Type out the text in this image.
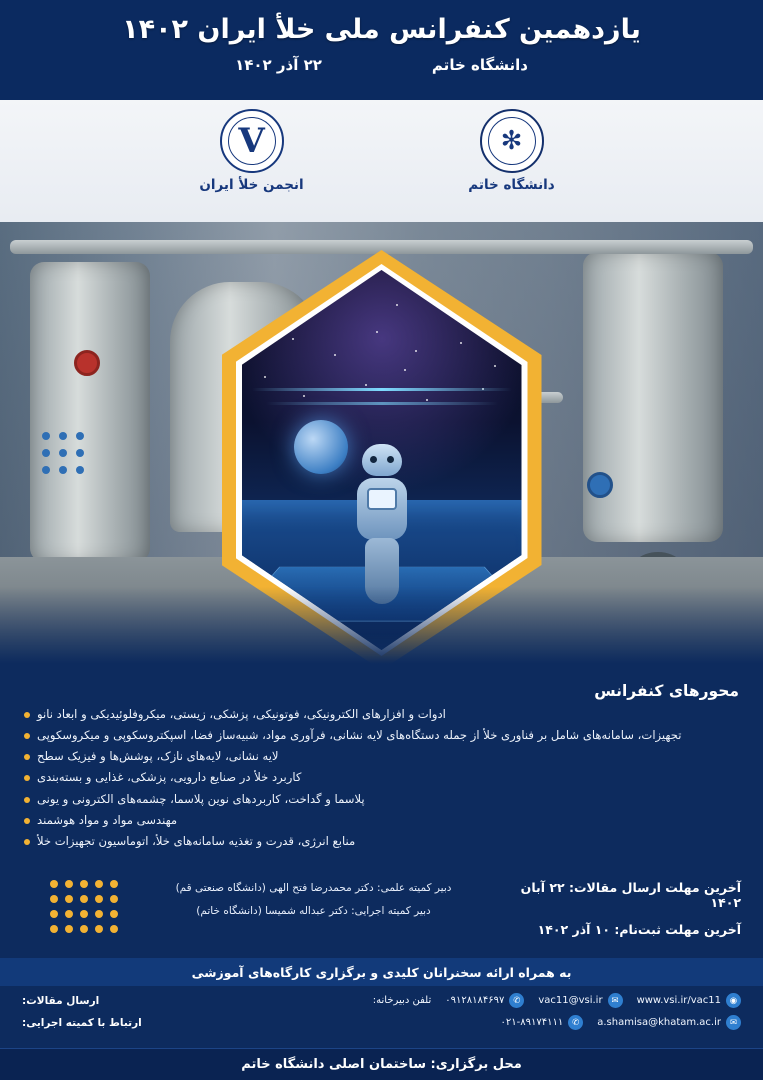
یازدهمین کنفرانس ملی خلأ ایران ۱۴۰۲
دانشگاه خاتم
۲۲ آذر ۱۴۰۲
✻
دانشگاه خاتم
V
انجمن خلأ ایران
محورهای کنفرانس
ادوات و افزارهای الکترونیکی، فوتونیکی، پزشکی، زیستی، میکروفلوئیدیکی و ابعاد نانو
تجهیزات، سامانه‌های شامل بر فناوری خلأ از جمله دستگاه‌های لایه نشانی، فرآوری مواد، شبیه‌ساز فضا، اسپکتروسکوپی و میکروسکوپی
لایه نشانی، لایه‌های نازک، پوشش‌ها و فیزیک سطح
کاربرد خلأ در صنایع دارویی، پزشکی، غذایی و بسته‌بندی
پلاسما و گداخت، کاربردهای نوین پلاسما، چشمه‌های الکترونی و یونی
مهندسی مواد و مواد هوشمند
منابع انرژی، قدرت و تغذیه سامانه‌های خلأ، اتوماسیون تجهیزات خلأ
آخرین مهلت ارسال مقالات: ۲۲ آبان ۱۴۰۲
آخرین مهلت ثبت‌نام: ۱۰ آذر ۱۴۰۲
دبیر کمیته علمی: دکتر محمدرضا فتح الهی (دانشگاه صنعتی قم)
دبیر کمیته اجرایی: دکتر عبداله شمیسا (دانشگاه خاتم)
به همراه ارائه سخنرانان کلیدی و برگزاری کارگاه‌های آموزشی
◉
www.vsi.ir/vac11
✉
vac11@vsi.ir
✆
۰۹۱۲۸۱۸۴۶۹۷
تلفن دبیرخانه:
ارسال مقالات:
✉
a.shamisa@khatam.ac.ir
✆
۰۲۱-۸۹۱۷۴۱۱۱
ارتباط با کمیته اجرایی:
محل برگزاری: ساختمان اصلی دانشگاه خاتم
